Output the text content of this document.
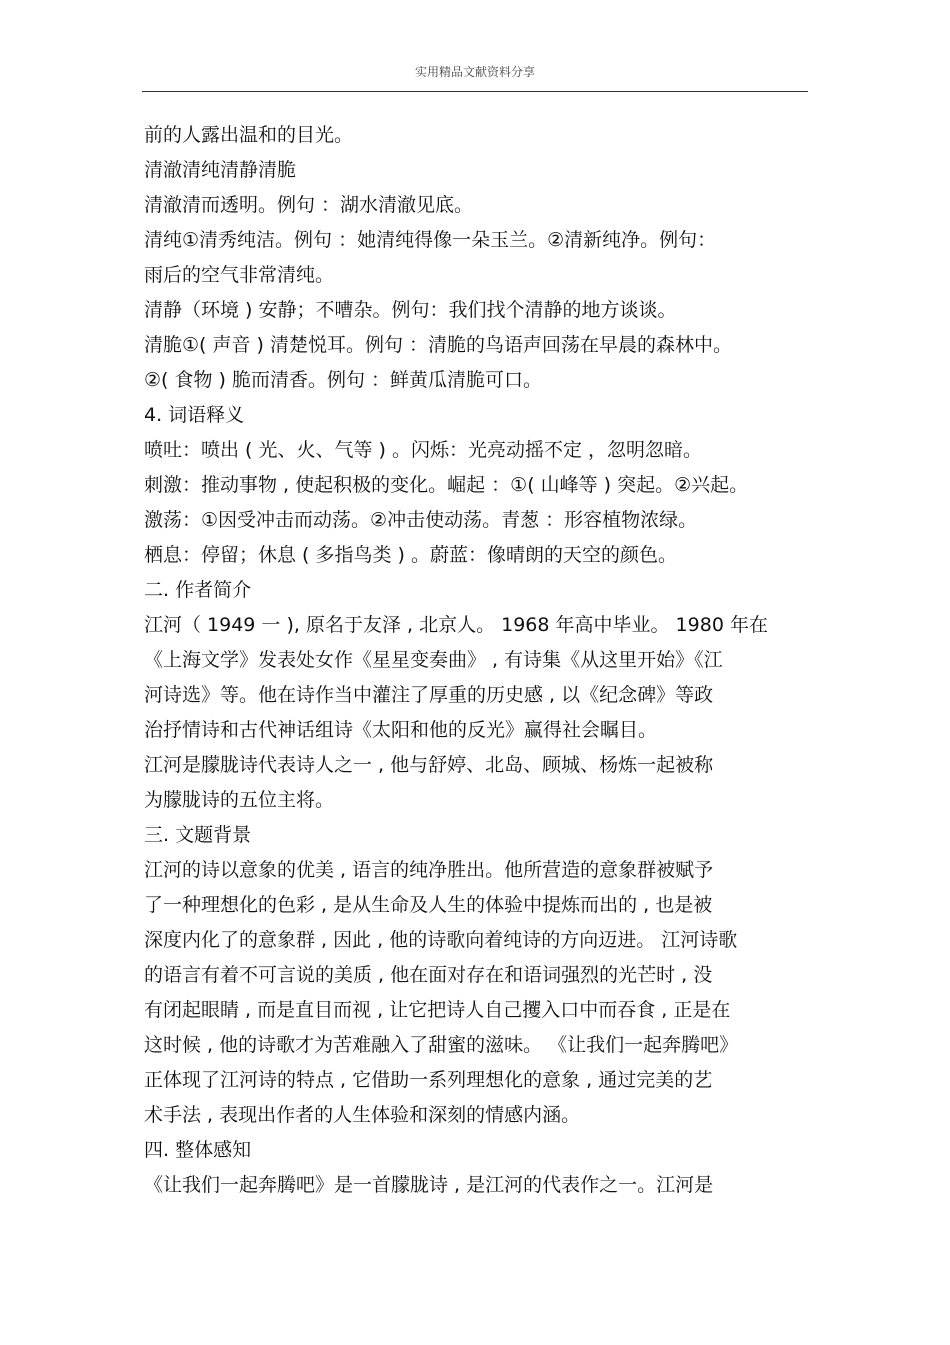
实用精品文献资料分享
前的人露出温和的目光。
清澈清纯清静清脆
清澈清而透明。例句 ：湖水清澈见底。
清纯①清秀纯洁。例句 ：她清纯得像一朵玉兰。②清新纯净。例句：
雨后的空气非常清纯。
清静（环境 ) 安静；不嘈杂。例句：我们找个清静的地方谈谈。
清脆①( 声音 ) 清楚悦耳。例句 ：清脆的鸟语声回荡在早晨的森林中。
②( 食物 ) 脆而清香。例句 ：鲜黄瓜清脆可口。
4. 词语释义
喷吐：喷出 ( 光、火、气等 ) 。闪烁：光亮动摇不定 ，忽明忽暗。
刺激：推动事物 , 使起积极的变化。崛起 ：①( 山峰等 ) 突起。②兴起。
激荡：①因受冲击而动荡。②冲击使动荡。青葱 ：形容植物浓绿。
栖息：停留；休息 ( 多指鸟类 ) 。蔚蓝：像晴朗的天空的颜色。
二. 作者简介
江河（ 1949 一 ), 原名于友泽 , 北京人。 1968 年高中毕业。 1980 年在
《上海文学》发表处女作《星星变奏曲》 , 有诗集《从这里开始》《江
河诗选》等。他在诗作当中灌注了厚重的历史感 , 以《纪念碑》等政
治抒情诗和古代神话组诗《太阳和他的反光》赢得社会瞩目。
江河是朦胧诗代表诗人之一 , 他与舒婷、北岛、顾城、杨炼一起被称
为朦胧诗的五位主将。
三. 文题背景
江河的诗以意象的优美 , 语言的纯净胜出。他所营造的意象群被赋予
了一种理想化的色彩 , 是从生命及人生的体验中提炼而出的 , 也是被
深度内化了的意象群 , 因此 , 他的诗歌向着纯诗的方向迈进。 江河诗歌
的语言有着不可言说的美质 , 他在面对存在和语词强烈的光芒时 , 没
有闭起眼睛 , 而是直目而视 , 让它把诗人自己攫入口中而吞食 , 正是在
这时候 , 他的诗歌才为苦难融入了甜蜜的滋味。 《让我们一起奔腾吧》
正体现了江河诗的特点 , 它借助一系列理想化的意象 , 通过完美的艺
术手法 , 表现出作者的人生体验和深刻的情感内涵。
四. 整体感知
《让我们一起奔腾吧》是一首朦胧诗 , 是江河的代表作之一。江河是
